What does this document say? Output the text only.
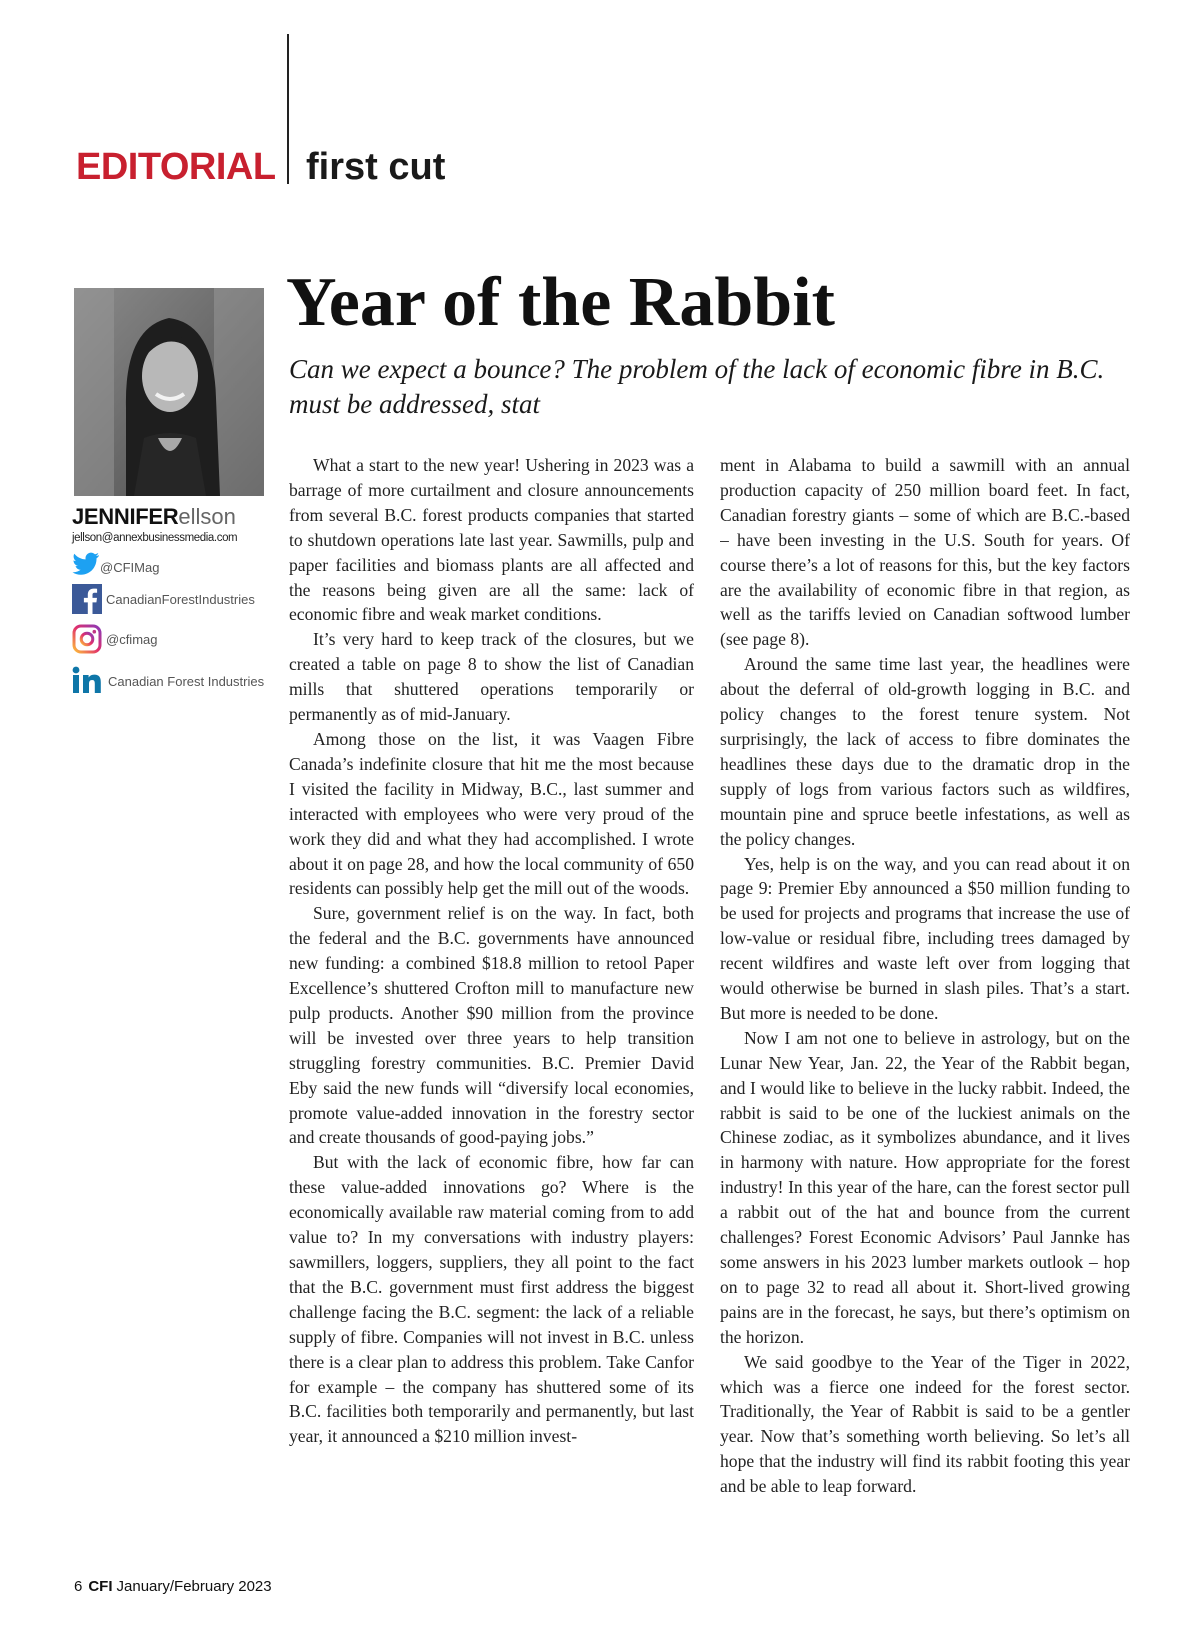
EDITORIAL first cut
JENNIFERellson
jellson@annexbusinessmedia.com
@CFIMag
CanadianForestIndustries
@cfimag
Canadian Forest Industries
Year of the Rabbit

Can we expect a bounce? The problem of the lack of economic fibre in B.C. must be addressed, stat

What a start to the new year! Ushering in 2023 was a barrage of more curtailment and closure announcements from several B.C. forest products companies that started to shutdown operations late last year. Sawmills, pulp and paper facilities and biomass plants are all affected and the reasons being given are all the same: lack of economic fibre and weak market conditions.

It’s very hard to keep track of the closures, but we created a table on page 8 to show the list of Canadian mills that shuttered operations temporarily or permanently as of mid-January.

Among those on the list, it was Vaagen Fibre Canada’s indefinite closure that hit me the most because I visited the facility in Midway, B.C., last summer and interacted with employees who were very proud of the work they did and what they had accomplished. I wrote about it on page 28, and how the local community of 650 residents can possibly help get the mill out of the woods.

Sure, government relief is on the way. In fact, both the federal and the B.C. governments have announced new funding: a combined $18.8 million to retool Paper Excellence’s shuttered Crofton mill to manufacture new pulp products. Another $90 million from the province will be invested over three years to help transition struggling forestry communities. B.C. Premier David Eby said the new funds will “diversify local economies, promote value-added innovation in the forestry sector and create thousands of good-paying jobs.”

But with the lack of economic fibre, how far can these value-added innovations go? Where is the economically available raw material coming from to add value to? In my conversations with industry players: sawmillers, loggers, suppliers, they all point to the fact that the B.C. government must first address the biggest challenge facing the B.C. segment: the lack of a reliable supply of fibre. Companies will not invest in B.C. unless there is a clear plan to address this problem. Take Canfor for example – the company has shuttered some of its B.C. facilities both temporarily and permanently, but last year, it announced a $210 million invest-

ment in Alabama to build a sawmill with an annual production capacity of 250 million board feet. In fact, Canadian forestry giants – some of which are B.C.-based – have been investing in the U.S. South for years. Of course there’s a lot of reasons for this, but the key factors are the availability of economic fibre in that region, as well as the tariffs levied on Canadian softwood lumber (see page 8).

Around the same time last year, the headlines were about the deferral of old-growth logging in B.C. and policy changes to the forest tenure system. Not surprisingly, the lack of access to fibre dominates the headlines these days due to the dramatic drop in the supply of logs from various factors such as wildfires, mountain pine and spruce beetle infestations, as well as the policy changes.

Yes, help is on the way, and you can read about it on page 9: Premier Eby announced a $50 million funding to be used for projects and programs that increase the use of low-value or residual fibre, including trees damaged by recent wildfires and waste left over from logging that would otherwise be burned in slash piles. That’s a start. But more is needed to be done.

Now I am not one to believe in astrology, but on the Lunar New Year, Jan. 22, the Year of the Rabbit began, and I would like to believe in the lucky rabbit. Indeed, the rabbit is said to be one of the luckiest animals on the Chinese zodiac, as it symbolizes abundance, and it lives in harmony with nature. How appropriate for the forest industry! In this year of the hare, can the forest sector pull a rabbit out of the hat and bounce from the current challenges? Forest Economic Advisors’ Paul Jannke has some answers in his 2023 lumber markets outlook – hop on to page 32 to read all about it. Short-lived growing pains are in the forecast, he says, but there’s optimism on the horizon.

We said goodbye to the Year of the Tiger in 2022, which was a fierce one indeed for the forest sector. Traditionally, the Year of Rabbit is said to be a gentler year. Now that’s something worth believing. So let’s all hope that the industry will find its rabbit footing this year and be able to leap forward.

6 CFI January/February 2023
